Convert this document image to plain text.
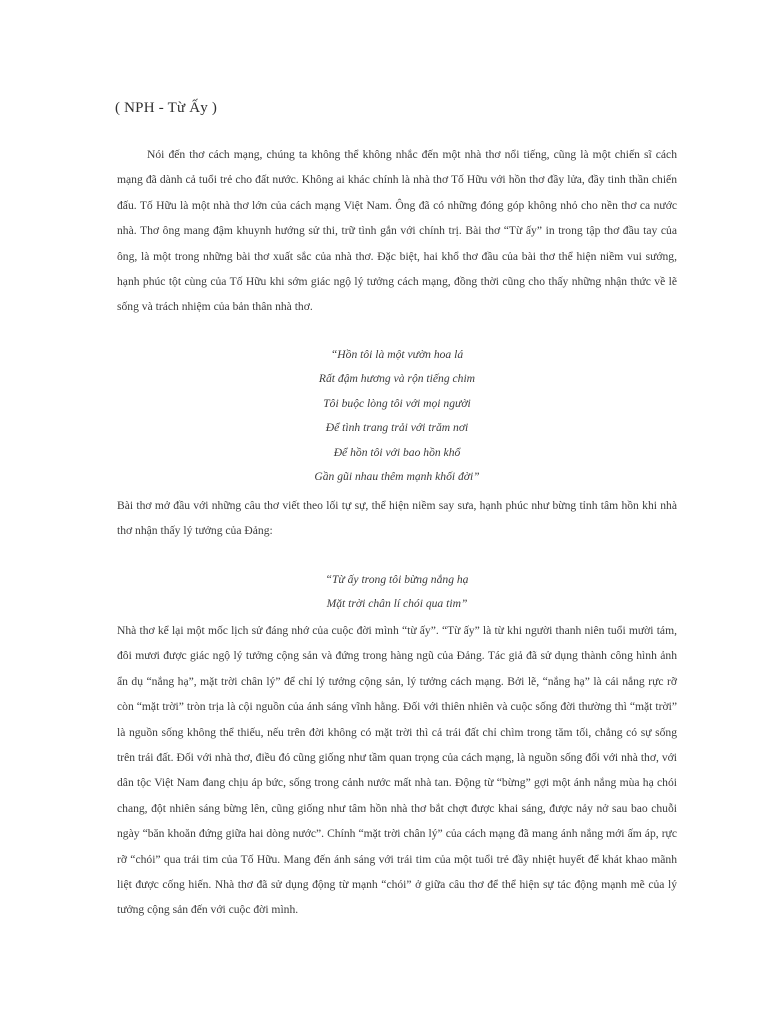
( NPH - Từ Ấy )

Nói đến thơ cách mạng, chúng ta không thể không nhắc đến một nhà thơ nổi tiếng, cũng là một chiến sĩ cách mạng đã dành cả tuổi trẻ cho đất nước. Không ai khác chính là nhà thơ Tố Hữu với hồn thơ đầy lửa, đầy tinh thần chiến đấu. Tố Hữu là một nhà thơ lớn của cách mạng Việt Nam. Ông đã có những đóng góp không nhỏ cho nền thơ ca nước nhà. Thơ ông mang đậm khuynh hướng sử thi, trữ tình gắn với chính trị. Bài thơ “Từ ấy” in trong tập thơ đầu tay của ông, là một trong những bài thơ xuất sắc của nhà thơ. Đặc biệt, hai khổ thơ đầu của bài thơ thể hiện niềm vui sướng, hạnh phúc tột cùng của Tố Hữu khi sớm giác ngộ lý tưởng cách mạng, đồng thời cũng cho thấy những nhận thức về lẽ sống và trách nhiệm của bản thân nhà thơ.

“Hồn tôi là một vườn hoa lá
Rất đậm hương và rộn tiếng chim
Tôi buộc lòng tôi với mọi người
Để tình trang trải với trăm nơi
Để hồn tôi với bao hồn khổ
Gần gũi nhau thêm mạnh khối đời”

Bài thơ mở đầu với những câu thơ viết theo lối tự sự, thể hiện niềm say sưa, hạnh phúc như bừng tỉnh tâm hồn khi nhà thơ nhận thấy lý tưởng của Đảng:

“Từ ấy trong tôi bừng nắng hạ
Mặt trời chân lí chói qua tim”

Nhà thơ kể lại một mốc lịch sử đáng nhớ của cuộc đời mình “từ ấy”. “Từ ấy” là từ khi người thanh niên tuổi mười tám, đôi mươi được giác ngộ lý tưởng cộng sản và đứng trong hàng ngũ của Đảng. Tác giả đã sử dụng thành công hình ảnh ẩn dụ “nắng hạ”, mặt trời chân lý” để chỉ lý tưởng cộng sản, lý tưởng cách mạng. Bởi lẽ, “nắng hạ” là cái nắng rực rỡ còn “mặt trời” tròn trịa là cội nguồn của ánh sáng vĩnh hằng. Đối với thiên nhiên và cuộc sống đời thường thì “mặt trời” là nguồn sống không thể thiếu, nếu trên đời không có mặt trời thì cả trái đất chỉ chìm trong tăm tối, chẳng có sự sống trên trái đất. Đối với nhà thơ, điều đó cũng giống như tầm quan trọng của cách mạng, là nguồn sống đối với nhà thơ, với dân tộc Việt Nam đang chịu áp bức, sống trong cảnh nước mất nhà tan. Động từ “bừng” gợi một ánh nắng mùa hạ chói chang, đột nhiên sáng bừng lên, cũng giống như tâm hồn nhà thơ bắt chợt được khai sáng, được nảy nở sau bao chuỗi ngày “băn khoăn đứng giữa hai dòng nước”. Chính “mặt trời chân lý” của cách mạng đã mang ánh nắng mới ấm áp, rực rỡ “chói” qua trái tim của Tố Hữu. Mang đến ánh sáng với trái tim của một tuổi trẻ đầy nhiệt huyết để khát khao mãnh liệt được cống hiến. Nhà thơ đã sử dụng động từ mạnh “chói” ở giữa câu thơ để thể hiện sự tác động mạnh mẽ của lý tưởng cộng sản đến với cuộc đời mình.
